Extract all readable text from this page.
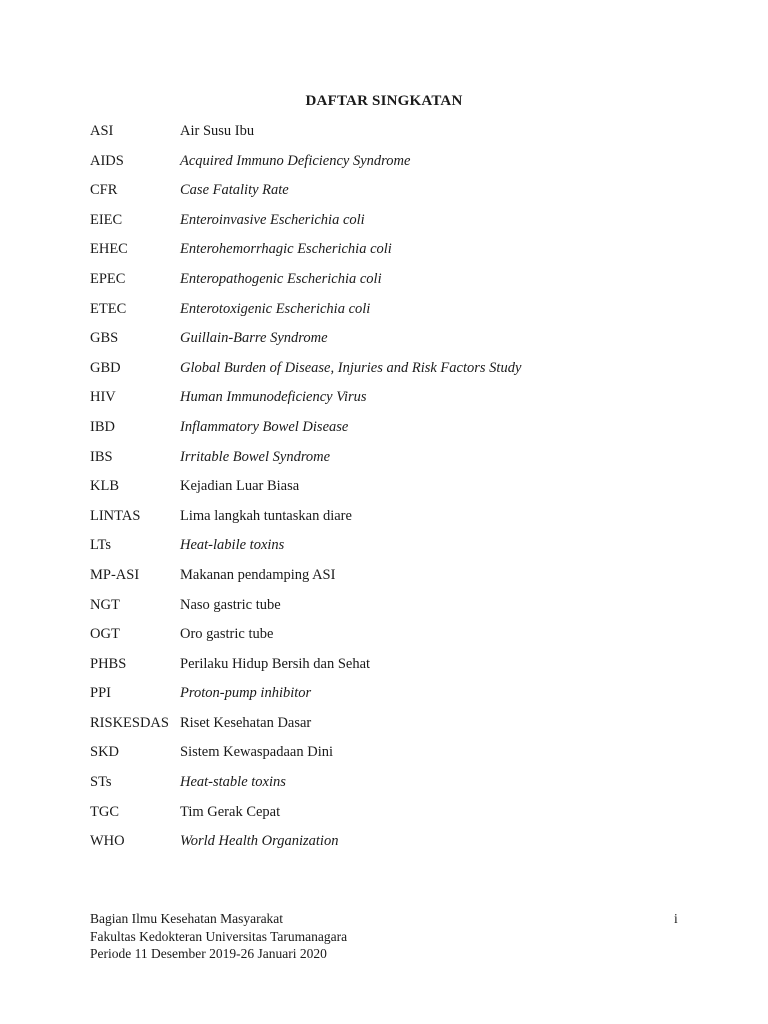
DAFTAR SINGKATAN
ASI	Air Susu Ibu
AIDS	Acquired Immuno Deficiency Syndrome
CFR	Case Fatality Rate
EIEC	Enteroinvasive Escherichia coli
EHEC	Enterohemorrhagic Escherichia coli
EPEC	Enteropathogenic Escherichia coli
ETEC	Enterotoxigenic Escherichia coli
GBS	Guillain-Barre Syndrome
GBD	Global Burden of Disease, Injuries and Risk Factors Study
HIV	Human Immunodeficiency Virus
IBD	Inflammatory Bowel Disease
IBS	Irritable Bowel Syndrome
KLB	Kejadian Luar Biasa
LINTAS	Lima langkah tuntaskan diare
LTs	Heat-labile toxins
MP-ASI	Makanan pendamping ASI
NGT	Naso gastric tube
OGT	Oro gastric tube
PHBS	Perilaku Hidup Bersih dan Sehat
PPI	Proton-pump inhibitor
RISKESDAS Riset Kesehatan Dasar
SKD	Sistem Kewaspadaan Dini
STs	Heat-stable toxins
TGC	Tim Gerak Cepat
WHO	World Health Organization
Bagian Ilmu Kesehatan Masyarakat
Fakultas Kedokteran Universitas Tarumanagara
Periode 11 Desember 2019-26 Januari 2020
i
